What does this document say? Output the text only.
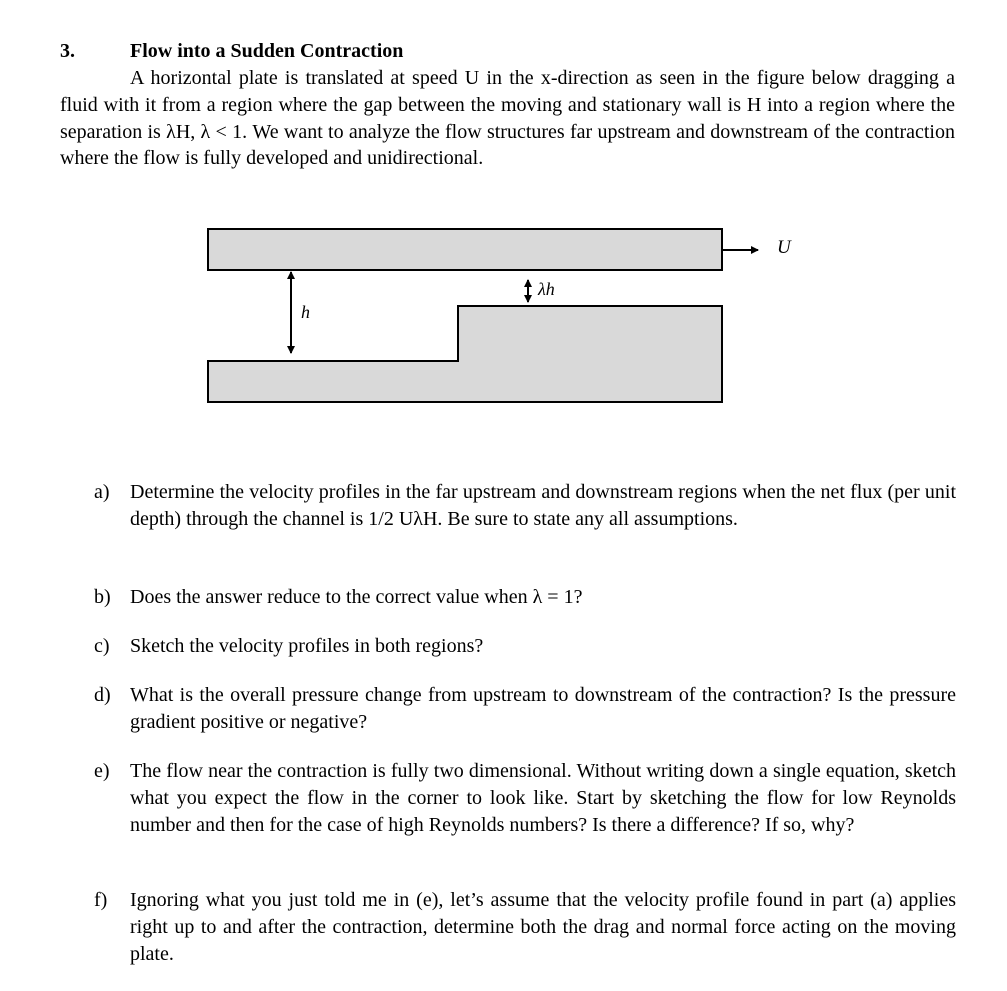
3.	Flow into a Sudden Contraction

A horizontal plate is translated at speed U in the x-direction as seen in the figure below dragging a fluid with it from a region where the gap between the moving and stationary wall is H into a region where the separation is λH, λ < 1. We want to analyze the flow structures far upstream and downstream of the contraction where the flow is fully developed and unidirectional.

U
h
λh
a) Determine the velocity profiles in the far upstream and downstream regions when the net flux (per unit depth) through the channel is 1/2 UλH. Be sure to state any all assumptions.
b) Does the answer reduce to the correct value when λ = 1?
c) Sketch the velocity profiles in both regions?
d) What is the overall pressure change from upstream to downstream of the contraction? Is the pressure gradient positive or negative?
e) The flow near the contraction is fully two dimensional. Without writing down a single equation, sketch what you expect the flow in the corner to look like. Start by sketching the flow for low Reynolds number and then for the case of high Reynolds numbers? Is there a difference? If so, why?
f) Ignoring what you just told me in (e), let’s assume that the velocity profile found in part (a) applies right up to and after the contraction, determine both the drag and normal force acting on the moving plate.
